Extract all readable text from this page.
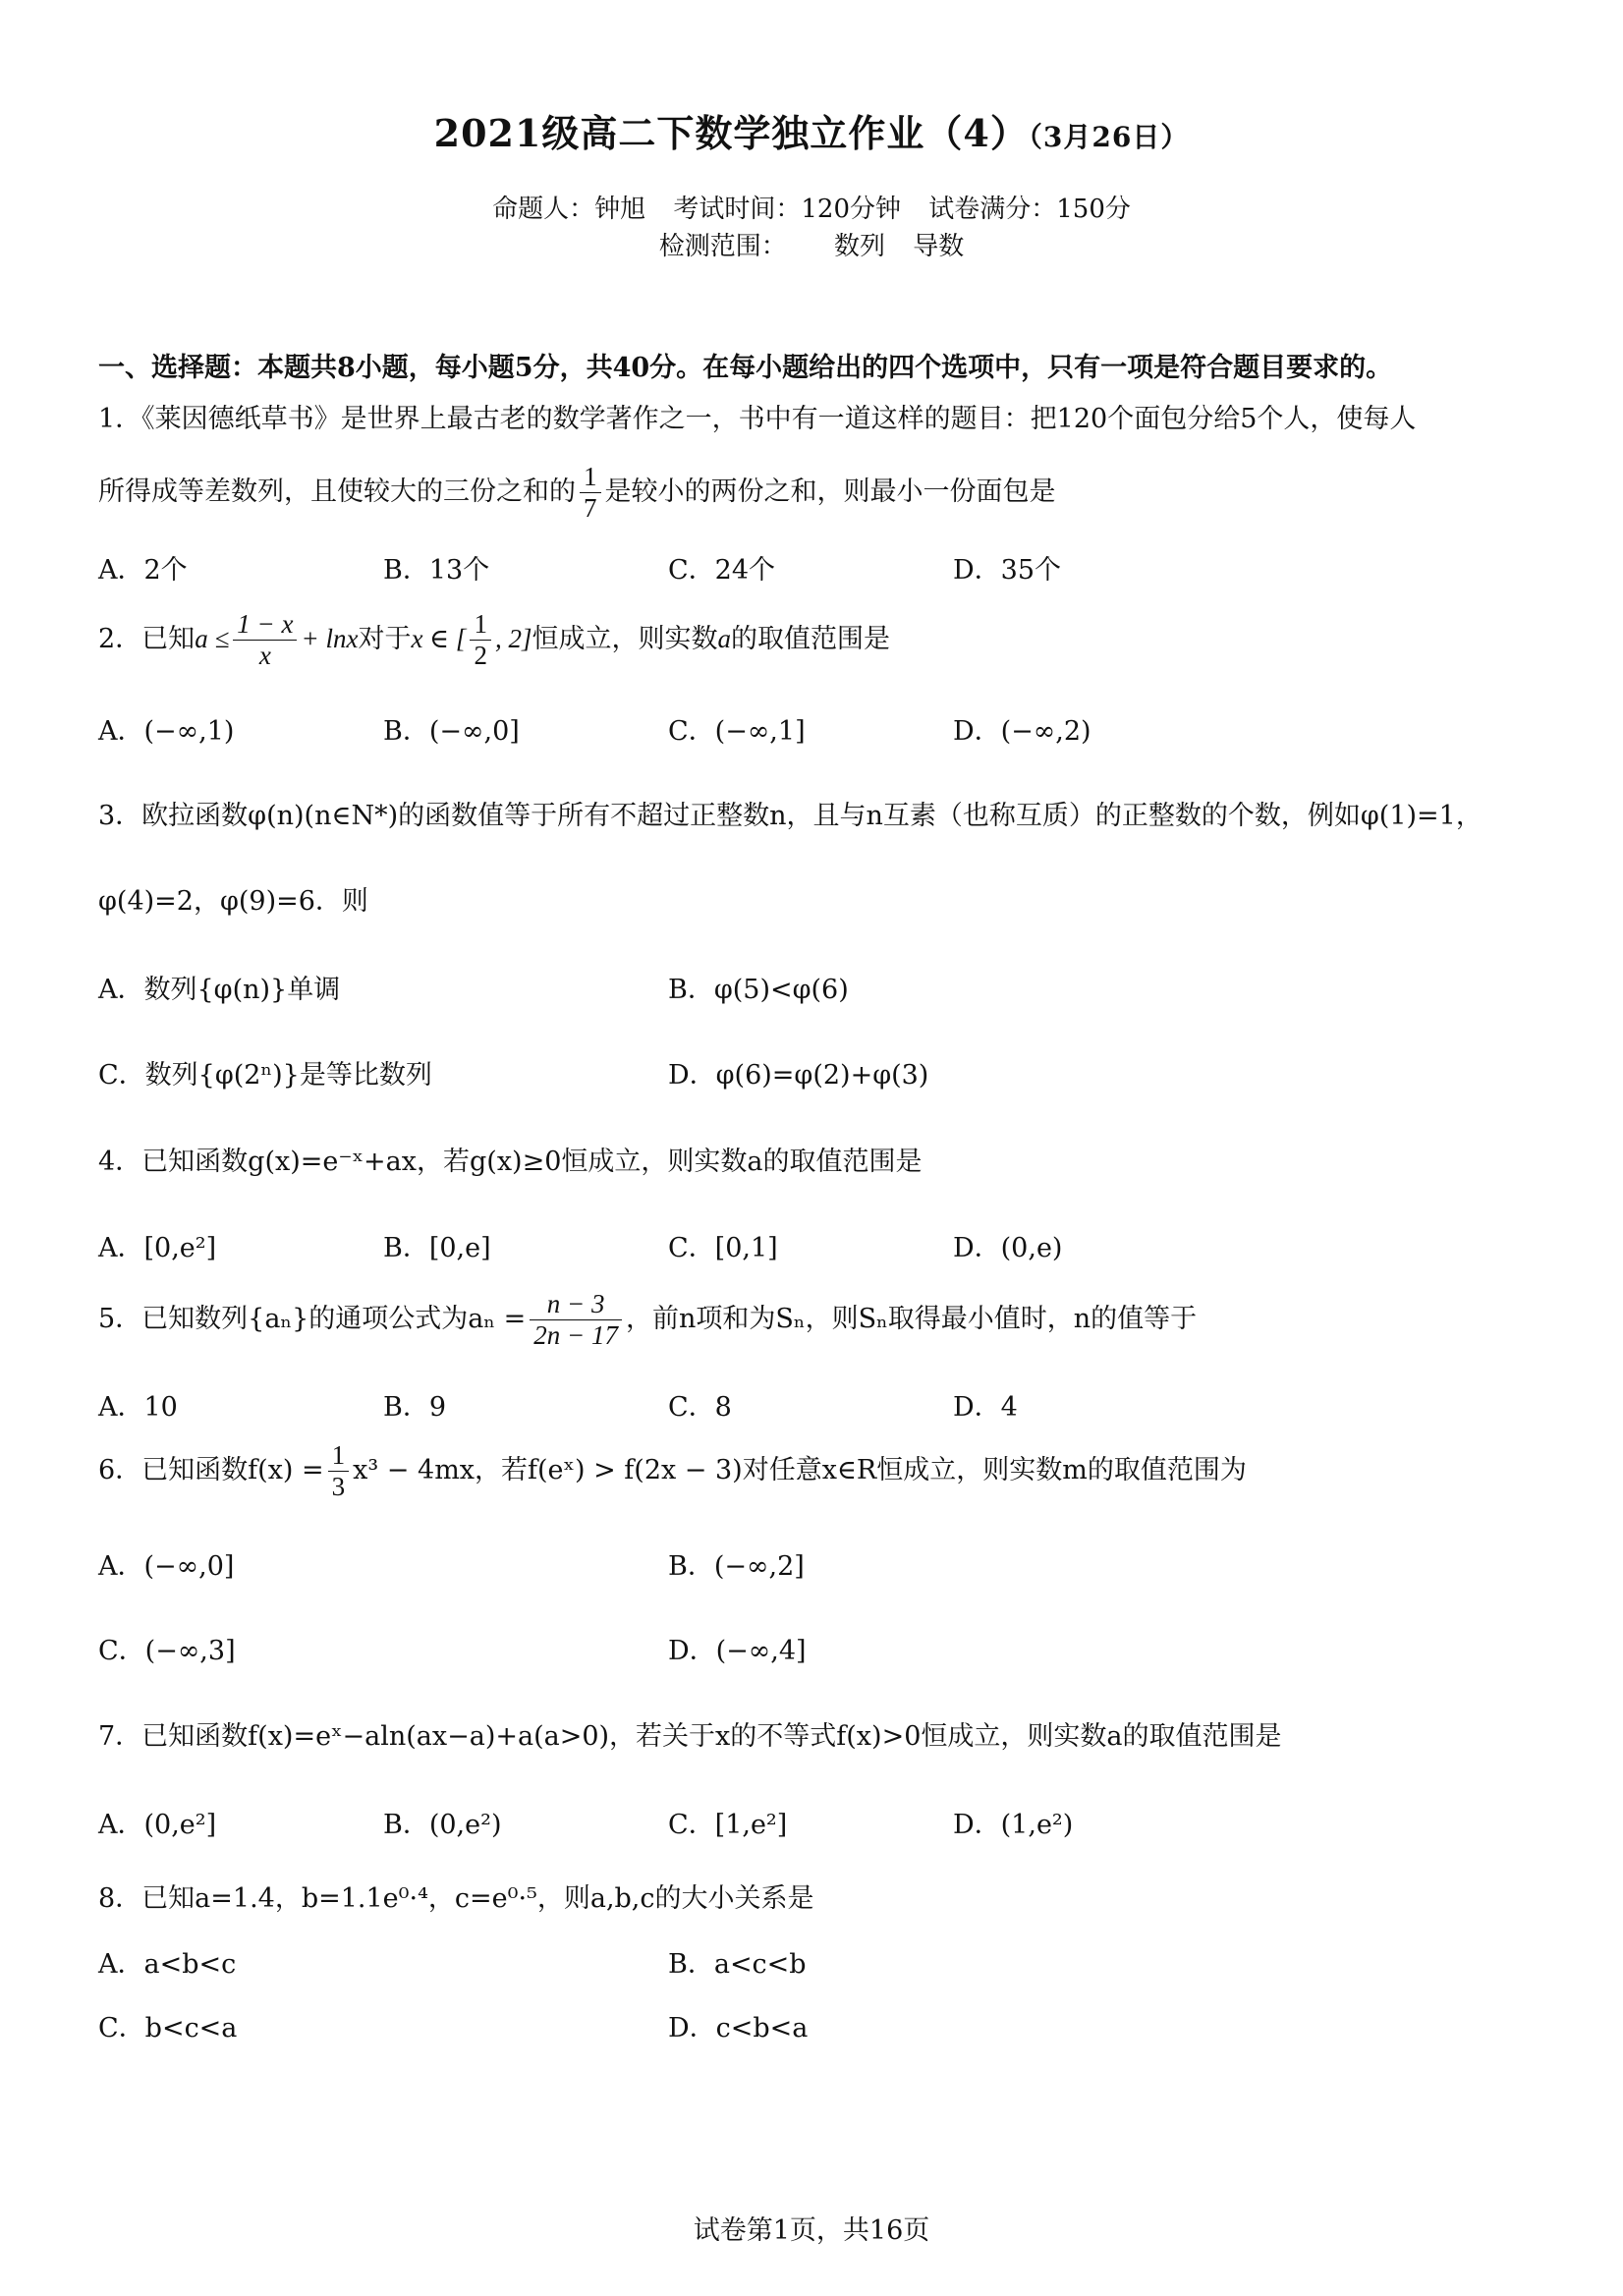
2021级高二下数学独立作业（4）（3月26日）
命题人：钟旭 考试时间：120分钟 试卷满分：150分
检测范围： 数列 导数
一、选择题：本题共8小题，每小题5分，共40分。在每小题给出的四个选项中，只有一项是符合题目要求的。
1．《莱因德纸草书》是世界上最古老的数学著作之一，书中有一道这样的题目：把120个面包分给5个人，使每人
所得成等差数列，且使较大的三份之和的 $\frac{1}{7}$ 是较小的两份之和，则最小一份面包是
A．2个	B．13个	C．24个	D．35个
2．已知$a \le \frac{1 - x}{x} + \ln x$对于x ∈ [ $\frac{1}{2}$ , 2]恒成立，则实数a的取值范围是
A．(−∞,1)	B．(−∞,0]	C．(−∞,1]	D．(−∞,2)
3．欧拉函数φ(n)(n∈N*)的函数值等于所有不超过正整数n，且与n互素（也称互质）的正整数的个数，例如φ(1)=1，
φ(4)=2，φ(9)=6．则
A．数列{φ(n)}单调	B．φ(5)<φ(6)
C．数列{φ(2ⁿ)}是等比数列	D．φ(6)=φ(2)+φ(3)
4．已知函数g(x)=e⁻ˣ+ax，若g(x)≥0恒成立，则实数a的取值范围是
A．[0,e²]	B．[0,e]	C．[0,1]	D．(0,e)
5．已知数列{aₙ}的通项公式为$a_n = \frac{n - 3}{2n - 17}$ ，前n项和为Sₙ，则Sₙ取得最小值时，n的值等于
A．10	B．9	C．8	D．4
6．已知函数$f(x) = \frac{1}{3} x^3 - 4mx$，若f(eˣ) > f(2x − 3)对任意x∈R恒成立，则实数m的取值范围为
A．(−∞,0]	B．(−∞,2]
C．(−∞,3]	D．(−∞,4]
7．已知函数f(x)=eˣ−aln(ax−a)+a(a>0)，若关于x的不等式f(x)>0恒成立，则实数a的取值范围是
A．(0,e²]	B．(0,e²)	C．[1,e²]	D．(1,e²)
8．已知a=1.4，b=1.1e⁰·⁴，c=e⁰·⁵，则a,b,c的大小关系是
A．a<b<c	B．a<c<b
C．b<c<a	D．c<b<a
试卷第1页，共16页
